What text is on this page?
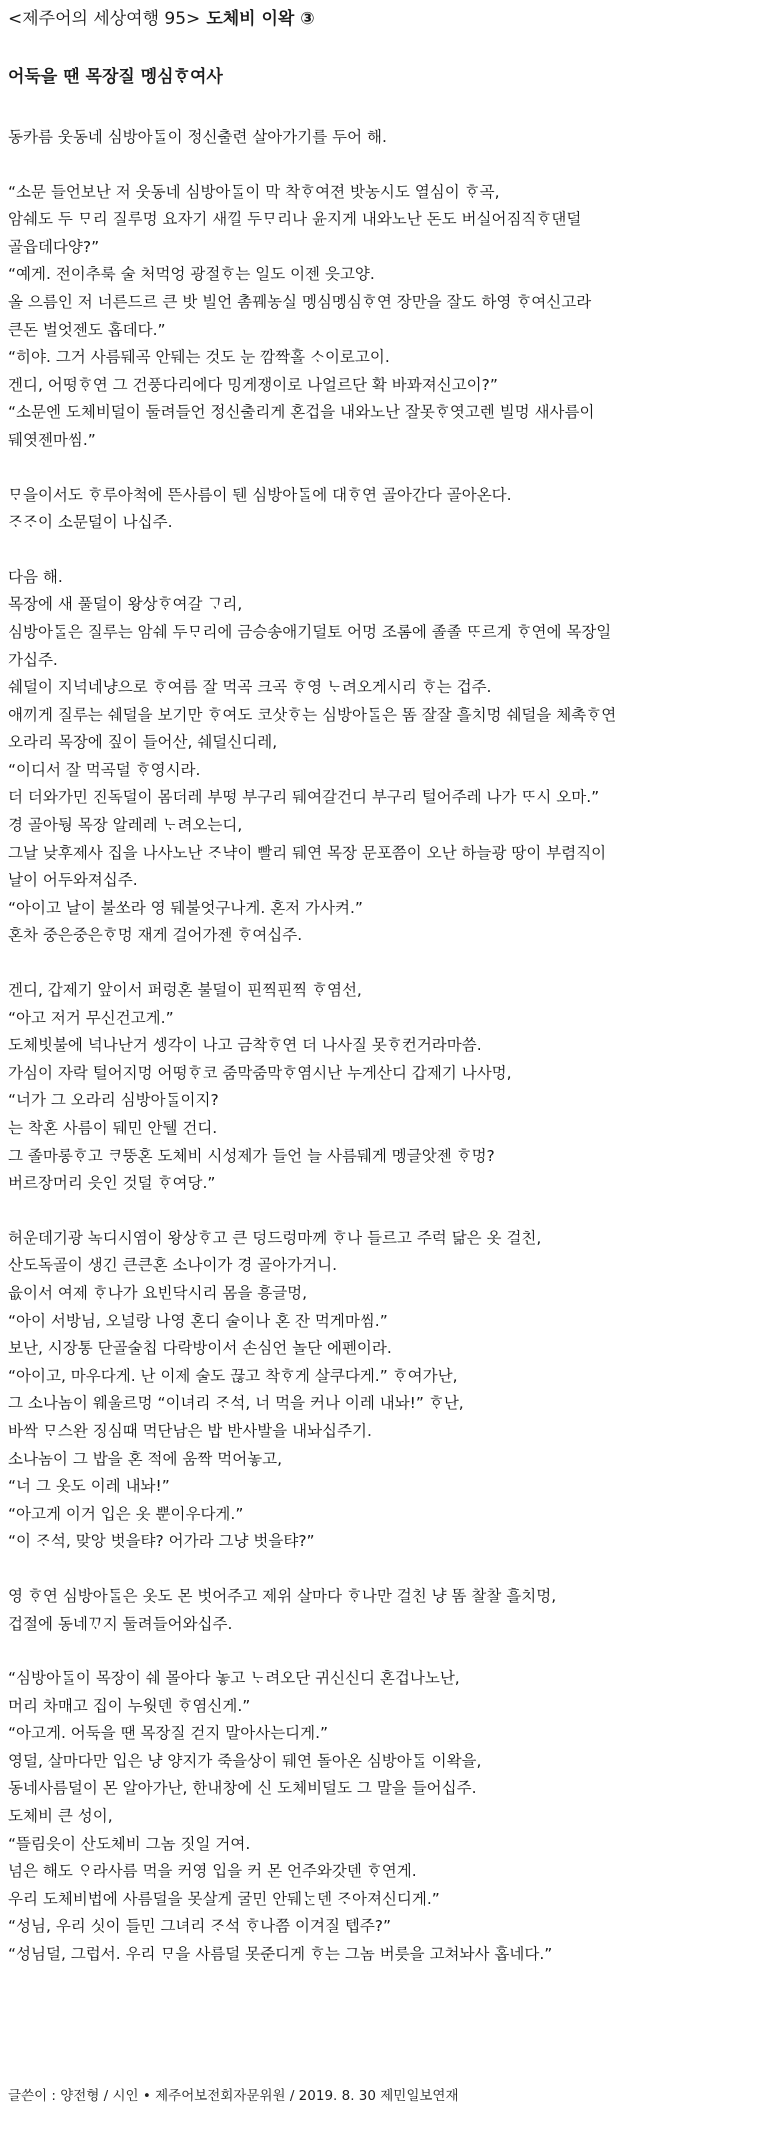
<제주어의 세상여행 95> 도체비 이왁 ③
어둑을 땐 목장질 멩심ᄒᆞ여사
동카름 웃동네 심방아ᄃᆞᆯ이 정신출련 살아가기를 두어 해.
“소문 들언보난 저 웃동네 심방아ᄃᆞᆯ이 막 착ᄒᆞ여젼 밧농시도 열심이 ᄒᆞ곡,
암쉐도 두 ᄆᆞ리 질루멍 요자기 새낄 두ᄆᆞ리나 윤지게 내와노난 돈도 버실어짐직ᄒᆞ댄덜
골읍데다양?”
“예게. 전이추룩 술 처먹엉 광절ᄒᆞ는 일도 이젠 읏고양.
올 으름인 저 너른드르 큰 밧 빌언 촘꿰농실 멩심멩심ᄒᆞ연 장만을 잘도 하영 ᄒᆞ여신고라
큰돈 벌엇젠도 홉데다.”
“히야. 그거 사름뒈곡 안뒈는 것도 눈 깜짝홀 ᄉᆞ이로고이.
겐디, 어떵ᄒᆞ연 그 건풍다리에다 밍게쟁이로 나얼르단 확 바꽈져신고이?”
“소문엔 도체비덜이 둘려들언 정신출리게 혼겁을 내와노난 잘못ᄒᆞ엿고렌 빌멍 새사름이
뒈엿젠마씸.”
ᄆᆞ을이서도 ᄒᆞ루아척에 뜬사름이 뒌 심방아ᄃᆞᆯ에 대ᄒᆞ연 골아간다 골아온다.
ᄌᆞᄌᆞ이 소문덜이 나십주.
다음 해.
목장에 새 풀덜이 왕상ᄒᆞ여갈 ᄀᆞ리,
심방아ᄃᆞᆯ은 질루는 암쉐 두ᄆᆞ리에 금승송애기덜토 어멍 조롬에 졸졸 ᄄᆞ르게 ᄒᆞ연에 목장일
가십주.
쉐덜이 지넉네냥으로 ᄒᆞ여름 잘 먹곡 크곡 ᄒᆞ영 ᄂᆞ려오게시리 ᄒᆞ는 겁주.
애끼게 질루는 쉐덜을 보기만 ᄒᆞ여도 코삿ᄒᆞ는 심방아ᄃᆞᆯ은 똠 잘잘 흘치멍 쉐덜을 체촉ᄒᆞ연
오라리 목장에 짚이 들어산, 쉐덜신디레,
“이디서 잘 먹곡덜 ᄒᆞ영시라.
더 더와가민 진독덜이 몸더레 부떵 부구리 뒈여갈건디 부구리 털어주레 나가 ᄄᆞ시 오마.”
경 골아뒁 목장 알레레 ᄂᆞ려오는디,
그날 낮후제사 집을 나사노난 ᄌᆞ냑이 빨리 뒈연 목장 문포쯤이 오난 하늘광 땅이 부렴직이
날이 어두와져십주.
“아이고 날이 불쏘라 영 뒈불엇구나게. 혼저 가사켜.”
혼차 중은중은ᄒᆞ멍 재게 걸어가젠 ᄒᆞ여십주.
겐디, 갑제기 앞이서 퍼렁혼 불덜이 핀찍핀찍 ᄒᆞ염선,
“아고 저거 무신건고게.”
도체빗불에 넉나난거 셍각이 나고 금착ᄒᆞ연 더 나사질 못ᄒᆞ컨거라마씀.
가심이 자락 털어지멍 어떵ᄒᆞ코 줌막줌막ᄒᆞ염시난 누게산디 갑제기 나사멍,
“너가 그 오라리 심방아ᄃᆞᆯ이지?
는 착혼 사름이 뒈민 안뒐 건디.
그 졸마롱ᄒᆞ고 ᄏᆞ뚱혼 도체비 시성제가 들언 늘 사름뒈게 멩글앗젠 ᄒᆞ멍?
버르장머리 읏인 것덜 ᄒᆞ여당.”
허운데기광 녹디시염이 왕상ᄒᆞ고 큰 덩드렁마께 ᄒᆞ나 들르고 주럭 닮은 옷 걸친,
산도독골이 생긴 큰큰혼 소나이가 경 골아가거니.
읎이서 여제 ᄒᆞ나가 요빈닥시리 몸을 흥글멍,
“아이 서방님, 오널랑 나영 혼디 술이나 혼 잔 먹게마씸.”
보난, 시장통 단골술칩 다락방이서 손심언 놀단 에펜이라.
“아이고, 마우다게. 난 이제 술도 끊고 착ᄒᆞ게 살쿠다게.” ᄒᆞ여가난,
그 소나놈이 웨울르멍 “이녀리 ᄌᆞ석, 너 먹을 커나 이레 내놔!” ᄒᆞ난,
바싹 ᄆᆞ스완 징심때 먹단남은 밥 반사발을 내놔십주기.
소나놈이 그 밥을 혼 적에 움짝 먹어놓고,
“너 그 옷도 이레 내놔!”
“아고게 이거 입은 옷 뿐이우다게.”
“이 ᄌᆞ석, 맞앙 벗을탸? 어가라 그냥 벗을탸?”
영 ᄒᆞ연 심방아ᄃᆞᆯ은 옷도 몬 벗어주고 제위 살마다 ᄒᆞ나만 걸친 냥 똠 찰찰 흘치멍,
겁절에 동네ᄁᆞ지 둘려들어와십주.
“심방아ᄃᆞᆯ이 목장이 쉐 몰아다 놓고 ᄂᆞ려오단 귀신신디 혼겁나노난,
머리 차매고 집이 누웟덴 ᄒᆞ염신게.”
“아고게. 어둑을 땐 목장질 걷지 말아사는디게.”
영덜, 살마다만 입은 냥 양지가 죽을상이 뒈연 돌아온 심방아ᄃᆞᆯ 이왁을,
동네사름덜이 몬 알아가난, 한내창에 신 도체비덜도 그 말을 들어십주.
도체비 큰 성이,
“뜰림읏이 산도체비 그놈 짓일 거여.
넘은 해도 ᄋᆞ라사름 먹을 커영 입을 커 몬 언주와갓덴 ᄒᆞ연게.
우리 도체비법에 사름덜을 못살게 굴민 안뒈ᄂᆞᆫ덴 ᄌᆞ아져신디게.”
“성님, 우리 싯이 들민 그녀리 ᄌᆞ석 ᄒᆞ나쯤 이겨질 텝주?”
“성님덜, 그럽서. 우리 ᄆᆞ을 사름덜 못준디게 ᄒᆞ는 그놈 버릇을 고쳐놔사 홉네다.”
글쓴이 : 양전형 / 시인 • 제주어보전회자문위원 / 2019. 8. 30 제민일보연재
